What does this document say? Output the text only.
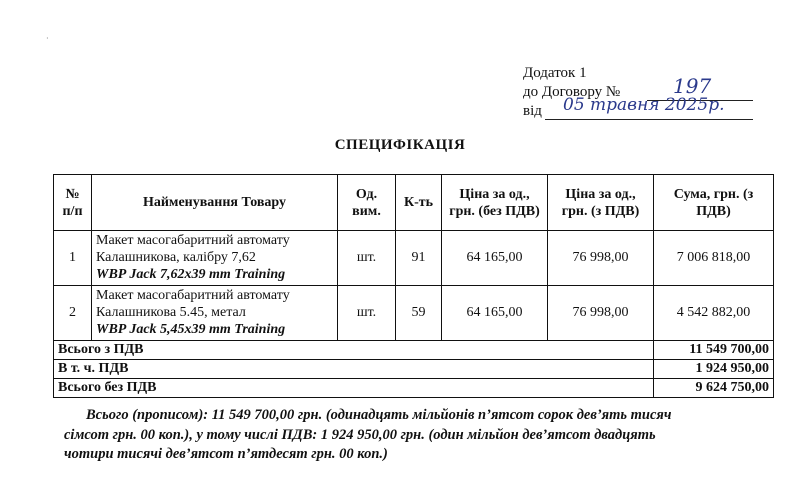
·
Додаток 1
до Договору №	197
від 05 травня 2025р.
СПЕЦИФІКАЦІЯ
№ п/п	Найменування Товару	Од. вим.	К-ть	Ціна за од., грн. (без ПДВ)	Ціна за од., грн. (з ПДВ)	Сума, грн. (з ПДВ)
1	Макет масогабаритний автомату
Калашникова, калібру 7,62
WBP Jack 7,62x39 mm Training	шт.	91	64 165,00	76 998,00	7 006 818,00
2	Макет масогабаритний автомату
Калашникова 5.45, метал
WBP Jack 5,45x39 mm Training	шт.	59	64 165,00	76 998,00	4 542 882,00
Всього з ПДВ						11 549 700,00
В т. ч. ПДВ						1 924 950,00
Всього без ПДВ						9 624 750,00
Всього (прописом): 11 549 700,00 грн. (одинадцять мільйонів п’ятсот сорок дев’ять тисяч
сімсот грн. 00 коп.), у тому числі ПДВ: 1 924 950,00 грн. (один мільйон дев’ятсот двадцять
чотири тисячі дев’ятсот п’ятдесят грн. 00 коп.)
